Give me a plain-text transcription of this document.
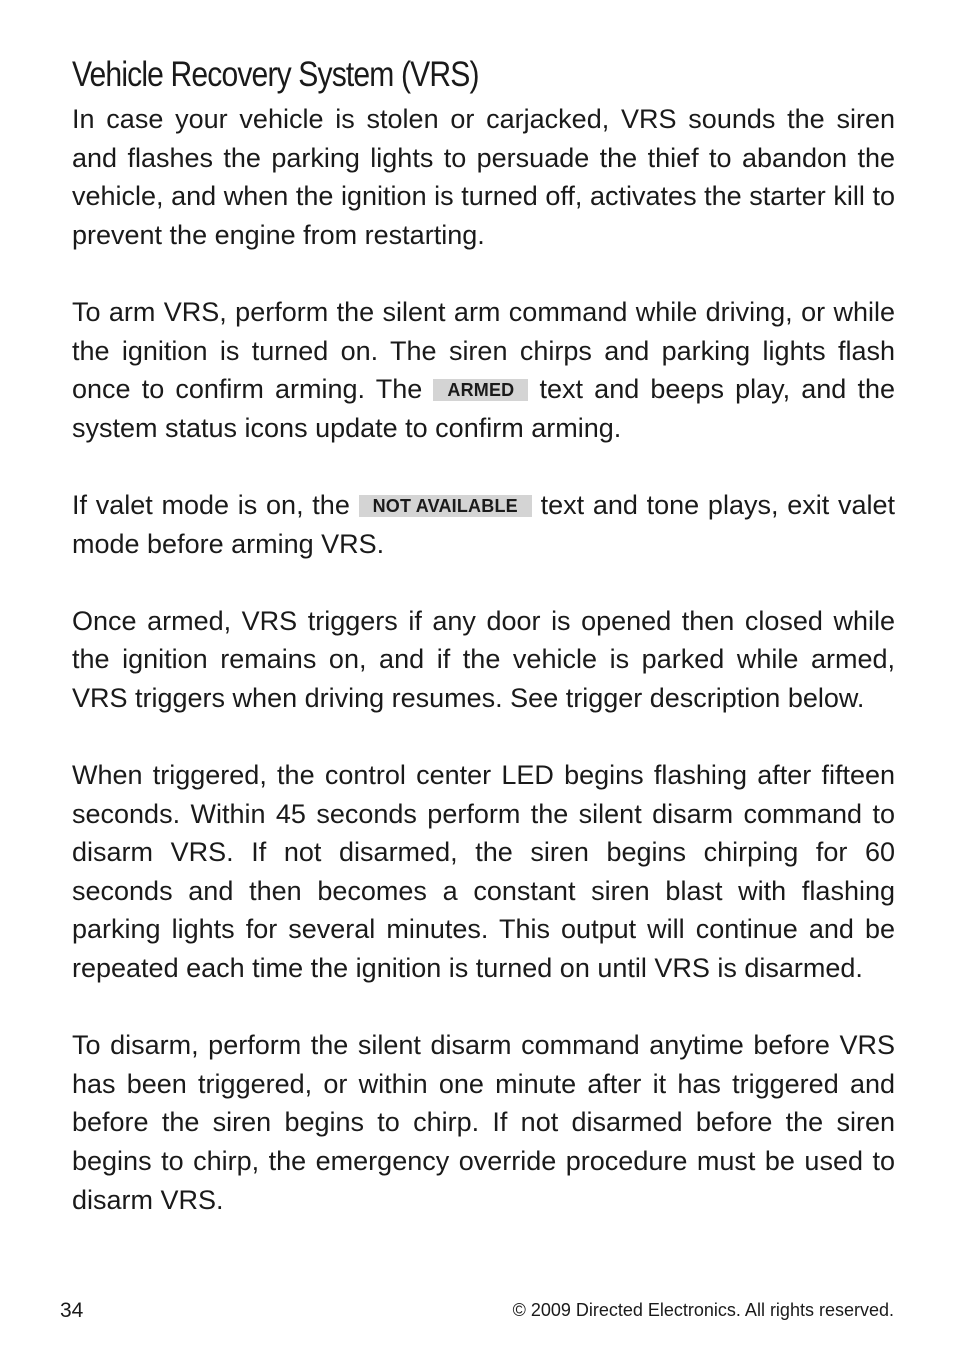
Vehicle Recovery System (VRS)

In case your vehicle is stolen or carjacked, VRS sounds the siren and flashes the parking lights to persuade the thief to abandon the vehicle, and when the ignition is turned off, activates the starter kill to prevent the engine from restarting.

To arm VRS, perform the silent arm command while driving, or while the ignition is turned on. The siren chirps and parking lights flash once to confirm arming. The ARMED text and beeps play, and the system status icons update to confirm arming.

If valet mode is on, the NOT AVAILABLE text and tone plays, exit valet mode before arming VRS.

Once armed, VRS triggers if any door is opened then closed while the ignition remains on, and if the vehicle is parked while armed, VRS triggers when driving resumes. See trigger description below.

When triggered, the control center LED begins flashing after fifteen seconds. Within 45 seconds perform the silent disarm command to disarm VRS. If not disarmed, the siren begins chirping for 60 seconds and then becomes a constant siren blast with flashing parking lights for several minutes. This output will continue and be repeated each time the ignition is turned on until VRS is disarmed.

To disarm, perform the silent disarm command anytime before VRS has been triggered, or within one minute after it has triggered and before the siren begins to chirp. If not disarmed before the siren begins to chirp, the emergency override procedure must be used to disarm VRS.

34	© 2009 Directed Electronics. All rights reserved.
